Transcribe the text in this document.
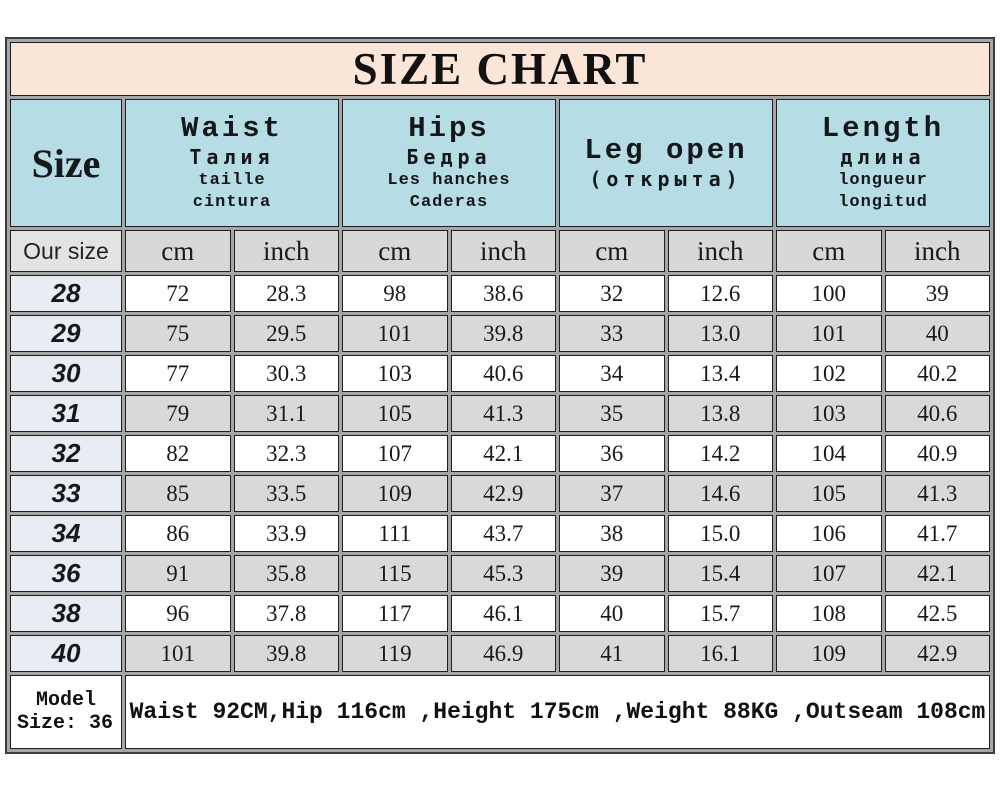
SIZE CHART								
Size	
Waist
Талия
taille
cintura

Hips
Бедра
Les hanches
Caderas

Leg open
(открыта)

Length
длина
longueur
longitud

Our size	cm	inch	cm	inch	cm	inch	cm	inch
28	72	28.3	98	38.6	32	12.6	100	39
29	75	29.5	101	39.8	33	13.0	101	40
30	77	30.3	103	40.6	34	13.4	102	40.2
31	79	31.1	105	41.3	35	13.8	103	40.6
32	82	32.3	107	42.1	36	14.2	104	40.9
33	85	33.5	109	42.9	37	14.6	105	41.3
34	86	33.9	111	43.7	38	15.0	106	41.7
36	91	35.8	115	45.3	39	15.4	107	42.1
38	96	37.8	117	46.1	40	15.7	108	42.5
40	101	39.8	119	46.9	41	16.1	109	42.9

Model
Size: 36	Waist 92CM,Hip 116cm ,Height 175cm ,Weight 88KG ,Outseam 108cm							
